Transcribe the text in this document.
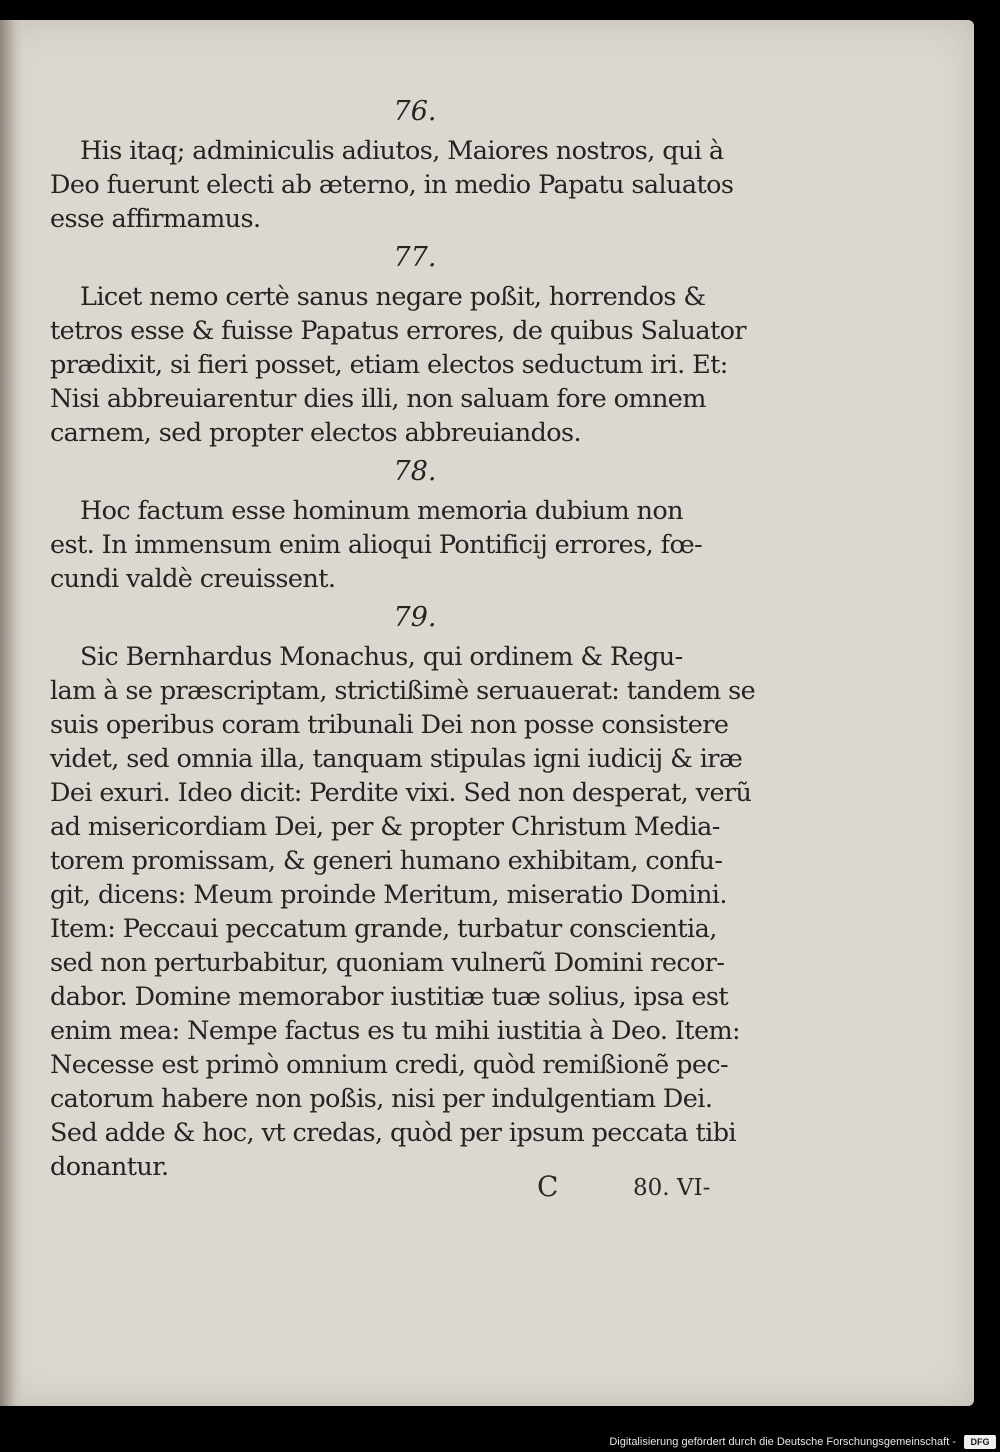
76.
His itaq; adminiculis adiutos, Maiores nostros, qui à
Deo fuerunt electi ab æterno, in medio Papatu saluatos
esse affirmamus.
77.
Licet nemo certè sanus negare poßit, horrendos &
tetros esse & fuisse Papatus errores, de quibus Saluator
prædixit, si fieri posset, etiam electos seductum iri. Et:
Nisi abbreuiarentur dies illi, non saluam fore omnem
carnem, sed propter electos abbreuiandos.
78.
Hoc factum esse hominum memoria dubium non
est. In immensum enim alioqui Pontificij errores, fœ-
cundi valdè creuissent.
79.
Sic Bernhardus Monachus, qui ordinem & Regu-
lam à se præscriptam, strictißimè seruauerat: tandem se
suis operibus coram tribunali Dei non posse consistere
videt, sed omnia illa, tanquam stipulas igni iudicij & iræ
Dei exuri. Ideo dicit: Perdite vixi. Sed non desperat, verũ
ad misericordiam Dei, per & propter Christum Media-
torem promissam, & generi humano exhibitam, confu-
git, dicens: Meum proinde Meritum, miseratio Domini.
Item: Peccaui peccatum grande, turbatur conscientia,
sed non perturbabitur, quoniam vulnerũ Domini recor-
dabor. Domine memorabor iustitiæ tuæ solius, ipsa est
enim mea: Nempe factus es tu mihi iustitia à Deo. Item:
Necesse est primò omnium credi, quòd remißionẽ pec-
catorum habere non poßis, nisi per indulgentiam Dei.
Sed adde & hoc, vt credas, quòd per ipsum peccata tibi
donantur.
C	80. VI-
Digitalisierung gefördert durch die Deutsche Forschungsgemeinschaft -	DFG
